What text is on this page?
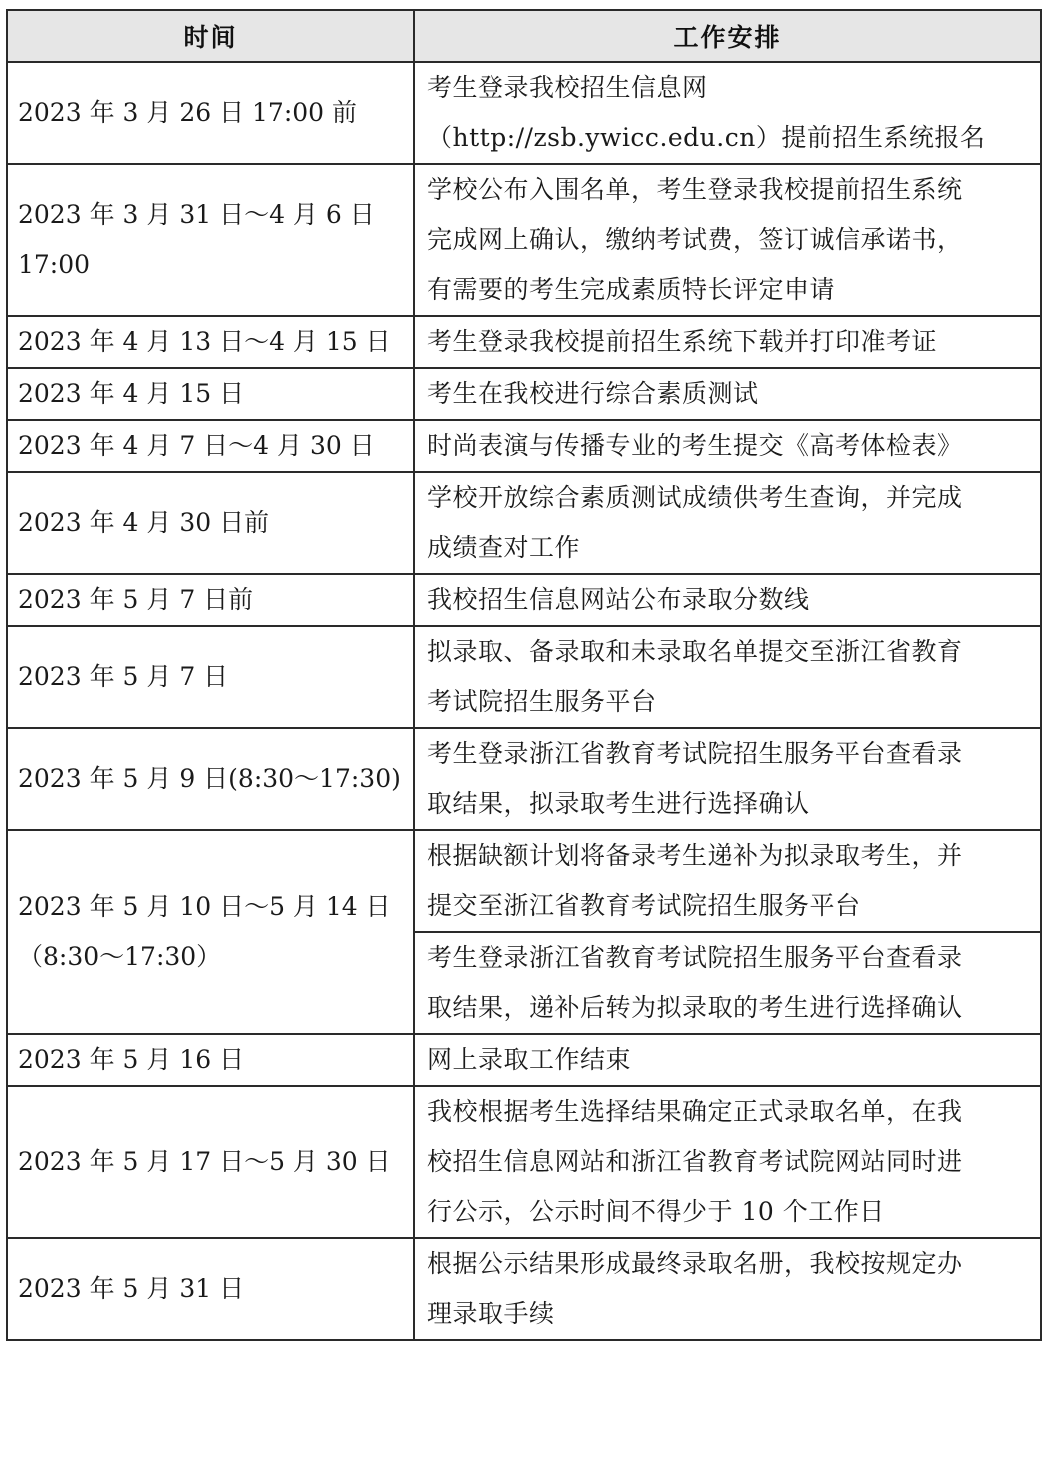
时间	工作安排

2023 年 3 月 26 日 17:00 前	考生登录我校招生信息网
（http://zsb.ywicc.edu.cn）提前招生系统报名

2023 年 3 月 31 日～4 月 6 日
17:00	学校公布入围名单，考生登录我校提前招生系统
完成网上确认，缴纳考试费，签订诚信承诺书，
有需要的考生完成素质特长评定申请

2023 年 4 月 13 日～4 月 15 日	考生登录我校提前招生系统下载并打印准考证

2023 年 4 月 15 日	考生在我校进行综合素质测试

2023 年 4 月 7 日～4 月 30 日	时尚表演与传播专业的考生提交《高考体检表》

2023 年 4 月 30 日前	学校开放综合素质测试成绩供考生查询，并完成
成绩查对工作

2023 年 5 月 7 日前	我校招生信息网站公布录取分数线

2023 年 5 月 7 日	拟录取、备录取和未录取名单提交至浙江省教育
考试院招生服务平台

2023 年 5 月 9 日(8:30～17:30)	考生登录浙江省教育考试院招生服务平台查看录
取结果，拟录取考生进行选择确认

2023 年 5 月 10 日～5 月 14 日
（8:30～17:30）	根据缺额计划将备录考生递补为拟录取考生，并
提交至浙江省教育考试院招生服务平台

	考生登录浙江省教育考试院招生服务平台查看录
取结果，递补后转为拟录取的考生进行选择确认

2023 年 5 月 16 日	网上录取工作结束

2023 年 5 月 17 日～5 月 30 日	我校根据考生选择结果确定正式录取名单，在我
校招生信息网站和浙江省教育考试院网站同时进
行公示，公示时间不得少于 10 个工作日

2023 年 5 月 31 日	根据公示结果形成最终录取名册，我校按规定办
理录取手续
